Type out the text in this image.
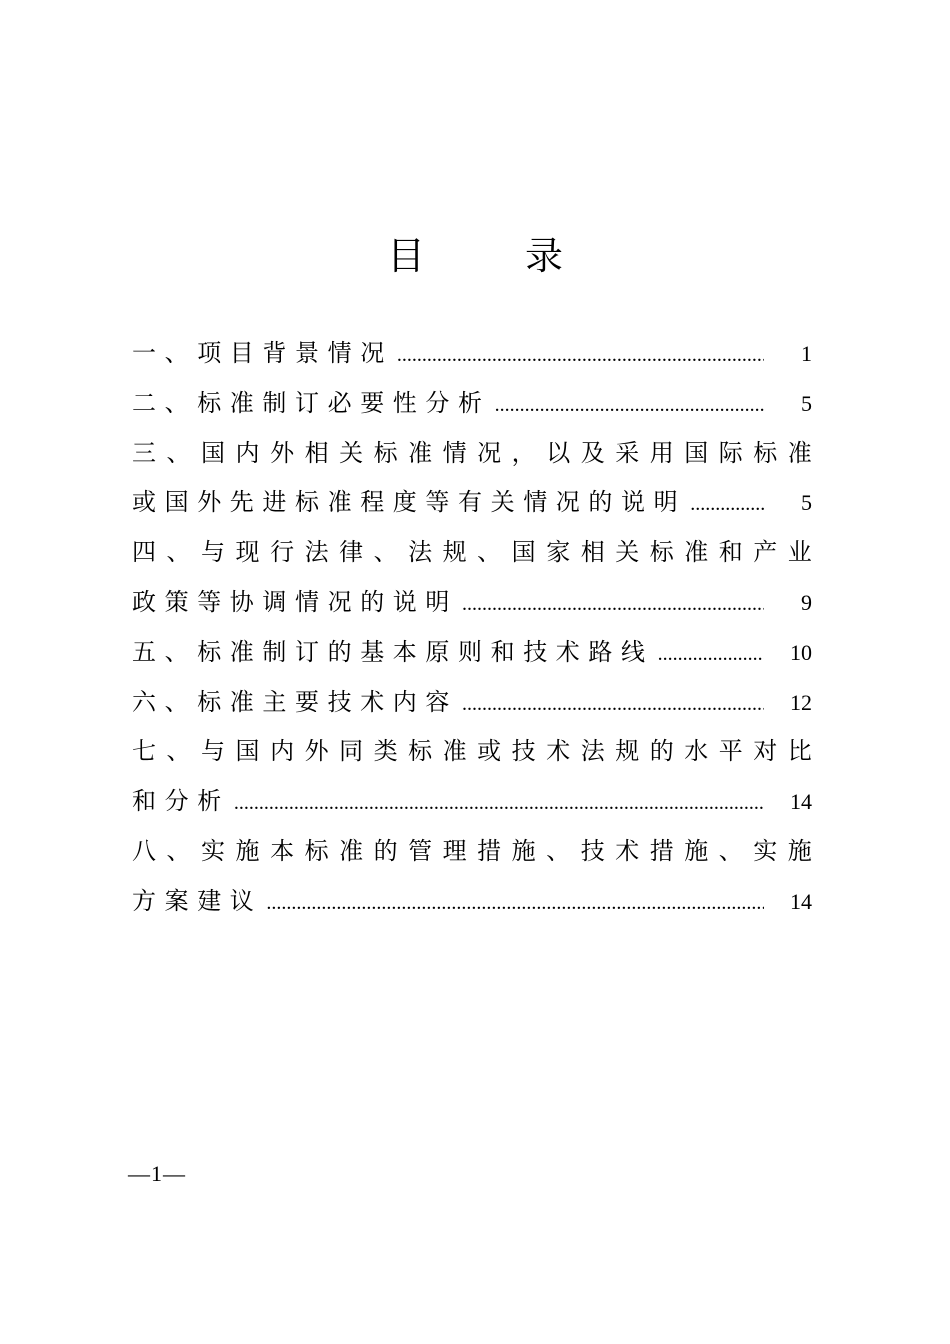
目 录
一、项目背景情况 .....	1
二、标准制订必要性分析 .....	5
三 、 国 内 外 相 关 标 准 情 况 ， 以 及 采 用 国 际 标 准
或国外先进标准程度等有关情况的说明 .....	5
四 、 与 现 行 法 律 、 法 规 、 国 家 相 关 标 准 和 产 业
政策等协调情况的说明 .....	9
五、标准制订的基本原则和技术路线 .....	10
六、标准主要技术内容 .....	12
七 、 与 国 内 外 同 类 标 准 或 技 术 法 规 的 水 平 对 比
和分析 .....	14
八 、 实 施 本 标 准 的 管 理 措 施 、 技 术 措 施 、 实 施
方案建议 .....	14
—1—
